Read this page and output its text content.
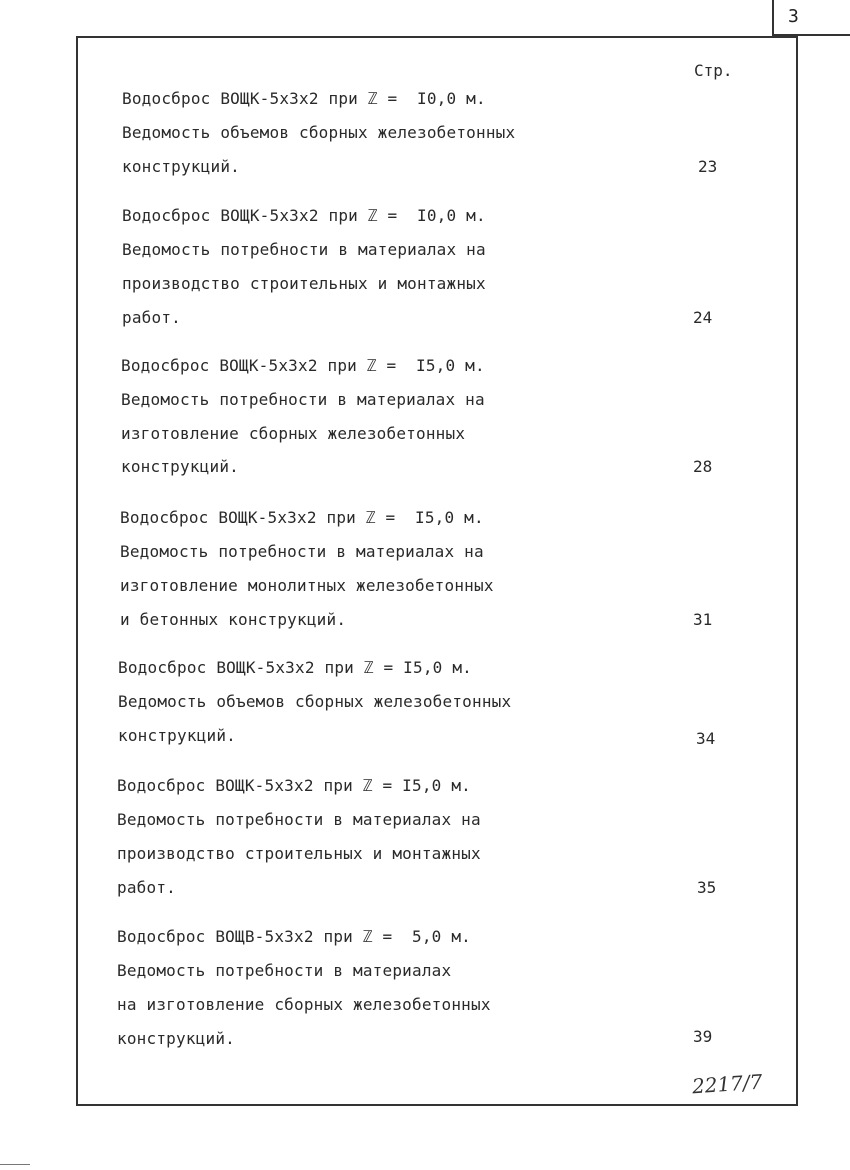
3
Стр.
Водосброс ВОЩК-5х3х2 при ℤ =  I0,0 м.
Ведомость объемов сборных железобетонных
конструкций.	23
Водосброс ВОЩК-5х3х2 при ℤ =  I0,0 м.
Ведомость потребности в материалах на
производство строительных и монтажных
работ.	24
Водосброс ВОЩК-5х3х2 при ℤ =  I5,0 м.
Ведомость потребности в материалах на
изготовление сборных железобетонных
конструкций.	28
Водосброс ВОЩК-5х3х2 при ℤ =  I5,0 м.
Ведомость потребности в материалах на
изготовление монолитных железобетонных
и бетонных конструкций.	31
Водосброс ВОЩК-5х3х2 при ℤ = I5,0 м.
Ведомость объемов сборных железобетонных
конструкций.	34
Водосброс ВОЩК-5х3х2 при ℤ = I5,0 м.
Ведомость потребности в материалах на
производство строительных и монтажных
работ.	35
Водосброс ВОЩВ-5х3х2 при ℤ =  5,0 м.
Ведомость потребности в материалах
на изготовление сборных железобетонных
конструкций.	39
2217/7
